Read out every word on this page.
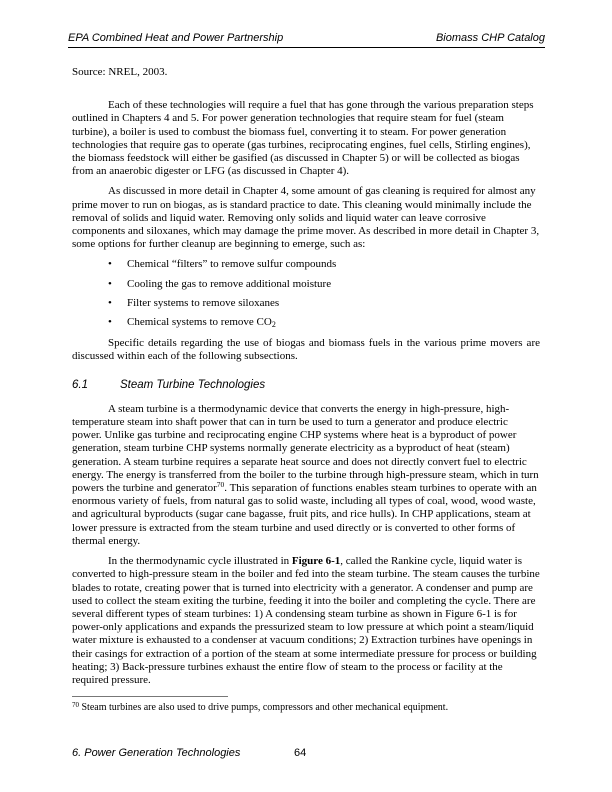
EPA Combined Heat and Power Partnership	Biomass CHP Catalog

Source: NREL, 2003.

Each of these technologies will require a fuel that has gone through the various preparation steps outlined in Chapters 4 and 5. For power generation technologies that require steam for fuel (steam turbine), a boiler is used to combust the biomass fuel, converting it to steam. For power generation technologies that require gas to operate (gas turbines, reciprocating engines, fuel cells, Stirling engines), the biomass feedstock will either be gasified (as discussed in Chapter 5) or will be collected as biogas from an anaerobic digester or LFG (as discussed in Chapter 4).

As discussed in more detail in Chapter 4, some amount of gas cleaning is required for almost any prime mover to run on biogas, as is standard practice to date. This cleaning would minimally include the removal of solids and liquid water. Removing only solids and liquid water can leave corrosive components and siloxanes, which may damage the prime mover. As described in more detail in Chapter 3, some options for further cleanup are beginning to emerge, such as:

• Chemical “filters” to remove sulfur compounds
• Cooling the gas to remove additional moisture
• Filter systems to remove siloxanes
• Chemical systems to remove $CO_2$

Specific details regarding the use of biogas and biomass fuels in the various prime movers are discussed within each of the following subsections.

6.1	Steam Turbine Technologies

A steam turbine is a thermodynamic device that converts the energy in high-pressure, high-temperature steam into shaft power that can in turn be used to turn a generator and produce electric power. Unlike gas turbine and reciprocating engine CHP systems where heat is a byproduct of power generation, steam turbine CHP systems normally generate electricity as a byproduct of heat (steam) generation. A steam turbine requires a separate heat source and does not directly convert fuel to electric energy. The energy is transferred from the boiler to the turbine through high-pressure steam, which in turn powers the turbine and generator$^{70}$. This separation of functions enables steam turbines to operate with an enormous variety of fuels, from natural gas to solid waste, including all types of coal, wood, wood waste, and agricultural byproducts (sugar cane bagasse, fruit pits, and rice hulls). In CHP applications, steam at lower pressure is extracted from the steam turbine and used directly or is converted to other forms of thermal energy.

In the thermodynamic cycle illustrated in Figure 6-1, called the Rankine cycle, liquid water is converted to high-pressure steam in the boiler and fed into the steam turbine. The steam causes the turbine blades to rotate, creating power that is turned into electricity with a generator. A condenser and pump are used to collect the steam exiting the turbine, feeding it into the boiler and completing the cycle. There are several different types of steam turbines: 1) A condensing steam turbine as shown in Figure 6-1 is for power-only applications and expands the pressurized steam to low pressure at which point a steam/liquid water mixture is exhausted to a condenser at vacuum conditions; 2) Extraction turbines have openings in their casings for extraction of a portion of the steam at some intermediate pressure for process or building heating; 3) Back-pressure turbines exhaust the entire flow of steam to the process or facility at the required pressure.

$^{70}$ Steam turbines are also used to drive pumps, compressors and other mechanical equipment.
6. Power Generation Technologies	64
